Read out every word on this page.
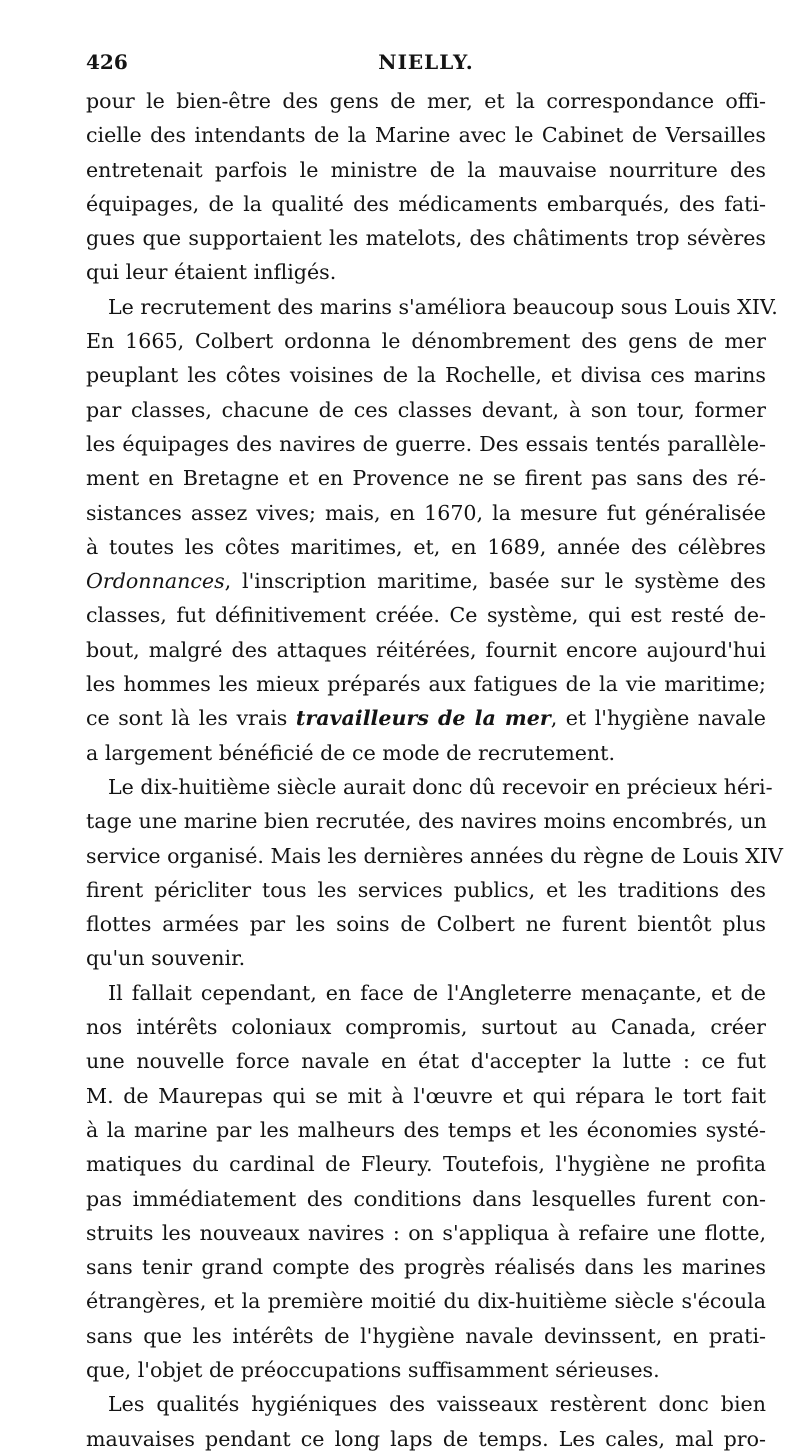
426	NIELLY.
pour le bien-être des gens de mer, et la correspondance offi-
cielle des intendants de la Marine avec le Cabinet de Versailles
entretenait parfois le ministre de la mauvaise nourriture des
équipages, de la qualité des médicaments embarqués, des fati-
gues que supportaient les matelots, des châtiments trop sévères
qui leur étaient infligés.
Le recrutement des marins s'améliora beaucoup sous Louis XIV.
En 1665, Colbert ordonna le dénombrement des gens de mer
peuplant les côtes voisines de la Rochelle, et divisa ces marins
par classes, chacune de ces classes devant, à son tour, former
les équipages des navires de guerre. Des essais tentés parallèle-
ment en Bretagne et en Provence ne se firent pas sans des ré-
sistances assez vives; mais, en 1670, la mesure fut généralisée
à toutes les côtes maritimes, et, en 1689, année des célèbres
Ordonnances, l'inscription maritime, basée sur le système des
classes, fut définitivement créée. Ce système, qui est resté de-
bout, malgré des attaques réitérées, fournit encore aujourd'hui
les hommes les mieux préparés aux fatigues de la vie maritime;
ce sont là les vrais travailleurs de la mer, et l'hygiène navale
a largement bénéficié de ce mode de recrutement.
Le dix-huitième siècle aurait donc dû recevoir en précieux héri-
tage une marine bien recrutée, des navires moins encombrés, un
service organisé. Mais les dernières années du règne de Louis XIV
firent péricliter tous les services publics, et les traditions des
flottes armées par les soins de Colbert ne furent bientôt plus
qu'un souvenir.
Il fallait cependant, en face de l'Angleterre menaçante, et de
nos intérêts coloniaux compromis, surtout au Canada, créer
une nouvelle force navale en état d'accepter la lutte : ce fut
M. de Maurepas qui se mit à l'œuvre et qui répara le tort fait
à la marine par les malheurs des temps et les économies systé-
matiques du cardinal de Fleury. Toutefois, l'hygiène ne profita
pas immédiatement des conditions dans lesquelles furent con-
struits les nouveaux navires : on s'appliqua à refaire une flotte,
sans tenir grand compte des progrès réalisés dans les marines
étrangères, et la première moitié du dix-huitième siècle s'écoula
sans que les intérêts de l'hygiène navale devinssent, en prati-
que, l'objet de préoccupations suffisamment sérieuses.
Les qualités hygiéniques des vaisseaux restèrent donc bien
mauvaises pendant ce long laps de temps. Les cales, mal pro-
